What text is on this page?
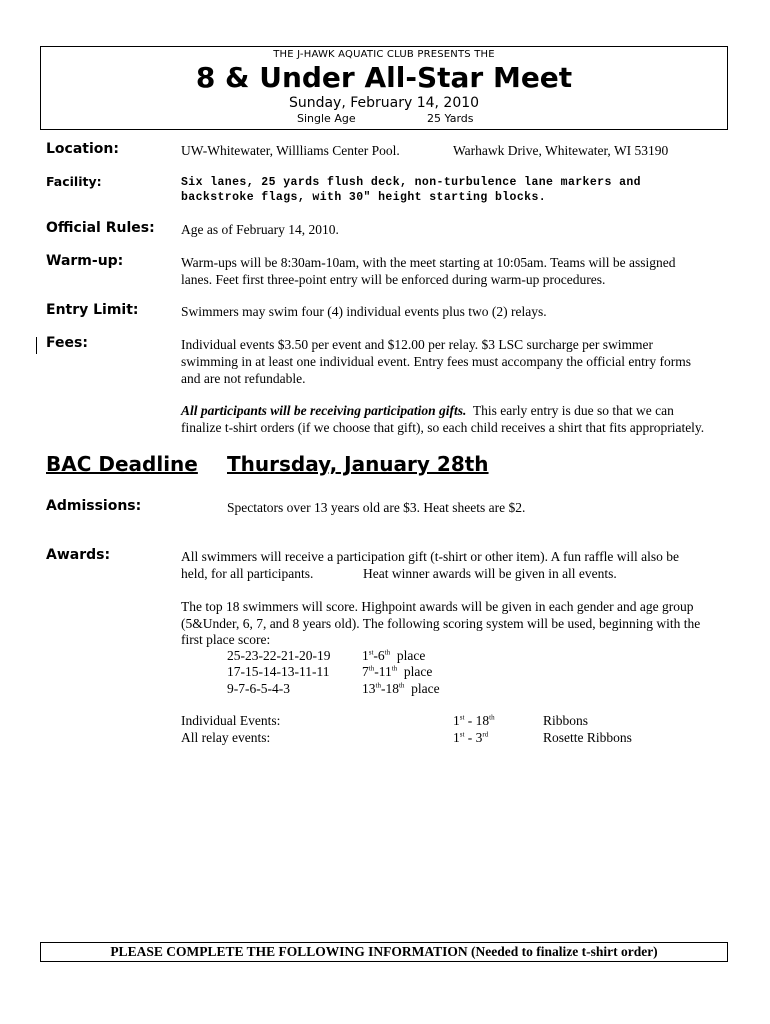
THE J-HAWK AQUATIC CLUB PRESENTS THE
8 & Under All-Star Meet
Sunday, February 14, 2010
Single Age	25 Yards
Location:	UW-Whitewater, Willliams Center Pool.	Warhawk Drive, Whitewater, WI 53190
Facility:	Six lanes, 25 yards flush deck, non-turbulence lane markers and
backstroke flags, with 30" height starting blocks.
Official Rules: Age as of February 14, 2010.
Warm-up:	Warm-ups will be 8:30am-10am, with the meet starting at 10:05am. Teams will be assigned
lanes. Feet first three-point entry will be enforced during warm-up procedures.
Entry Limit:	Swimmers may swim four (4) individual events plus two (2) relays.
Fees:	Individual events $3.50 per event and $12.00 per relay. $3 LSC surcharge per swimmer
swimming in at least one individual event. Entry fees must accompany the official entry forms
and are not refundable.
All participants will be receiving participation gifts.  This early entry is due so that we can
finalize t-shirt orders (if we choose that gift), so each child receives a shirt that fits appropriately.
BAC Deadline Thursday, January 28th
Admissions:	Spectators over 13 years old are $3. Heat sheets are $2.
Awards:	All swimmers will receive a participation gift (t-shirt or other item). A fun raffle will also be
held, for all participants.	Heat winner awards will be given in all events.
The top 18 swimmers will score. Highpoint awards will be given in each gender and age group
(5&Under, 6, 7, and 8 years old). The following scoring system will be used, beginning with the
first place score:
25-23-22-21-20-19 1st-6th place
17-15-14-13-11-11 7th-11th place
9-7-6-5-4-3	13th-18th place
Individual Events:	1st - 18th	Ribbons
All relay events:	1st - 3rd	Rosette Ribbons
PLEASE COMPLETE THE FOLLOWING INFORMATION (Needed to finalize t-shirt order)
